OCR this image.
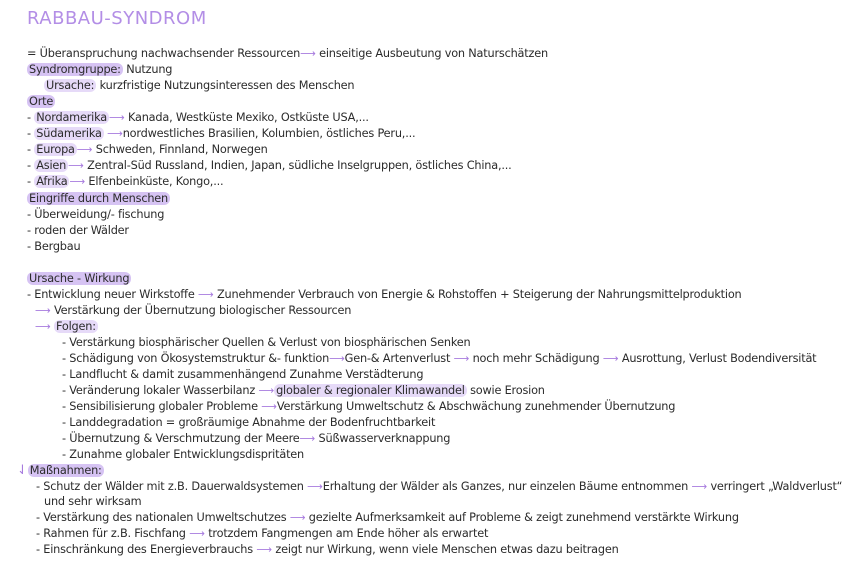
RABBAU-SYNDROM
= Überanspruchung nachwachsender Ressourcen⟶ einseitige Ausbeutung von Naturschätzen
Syndromgruppe: Nutzung
Ursache: kurzfristige Nutzungsinteressen des Menschen
Orte
- Nordamerika ⟶ Kanada, Westküste Mexiko, Ostküste USA,...
- Südamerika ⟶nordwestliches Brasilien, Kolumbien, östliches Peru,...
- Europa ⟶ Schweden, Finnland, Norwegen
- Asien ⟶ Zentral-Süd Russland, Indien, Japan, südliche Inselgruppen, östliches China,...
- Afrika ⟶ Elfenbeinküste, Kongo,...
Eingriffe durch Menschen
- Überweidung/- fischung
- roden der Wälder
- Bergbau
Ursache - Wirkung
- Entwicklung neuer Wirkstoffe ⟶ Zunehmender Verbrauch von Energie & Rohstoffen + Steigerung der Nahrungsmittelproduktion
⟶ Verstärkung der Übernutzung biologischer Ressourcen
⟶ Folgen:
- Verstärkung biosphärischer Quellen & Verlust von biosphärischen Senken
- Schädigung von Ökosystemstruktur &- funktion⟶Gen-& Artenverlust ⟶ noch mehr Schädigung ⟶ Ausrottung, Verlust Bodendiversität
- Landflucht & damit zusammenhängend Zunahme Verstädterung
- Veränderung lokaler Wasserbilanz ⟶ globaler & regionaler Klimawandel sowie Erosion
- Sensibilisierung globaler Probleme ⟶Verstärkung Umweltschutz & Abschwächung zunehmender Übernutzung
- Landdegradation = großräumige Abnahme der Bodenfruchtbarkeit
- Übernutzung & Verschmutzung der Meere⟶ Süßwasserverknappung
- Zunahme globaler Entwicklungsdispritäten
⇃ Maßnahmen:
- Schutz der Wälder mit z.B. Dauerwaldsystemen ⟶Erhaltung der Wälder als Ganzes, nur einzelen Bäume entnommen ⟶ verringert „Waldverlust“
und sehr wirksam
- Verstärkung des nationalen Umweltschutzes ⟶ gezielte Aufmerksamkeit auf Probleme & zeigt zunehmend verstärkte Wirkung
- Rahmen für z.B. Fischfang ⟶ trotzdem Fangmengen am Ende höher als erwartet
- Einschränkung des Energieverbrauchs ⟶ zeigt nur Wirkung, wenn viele Menschen etwas dazu beitragen
